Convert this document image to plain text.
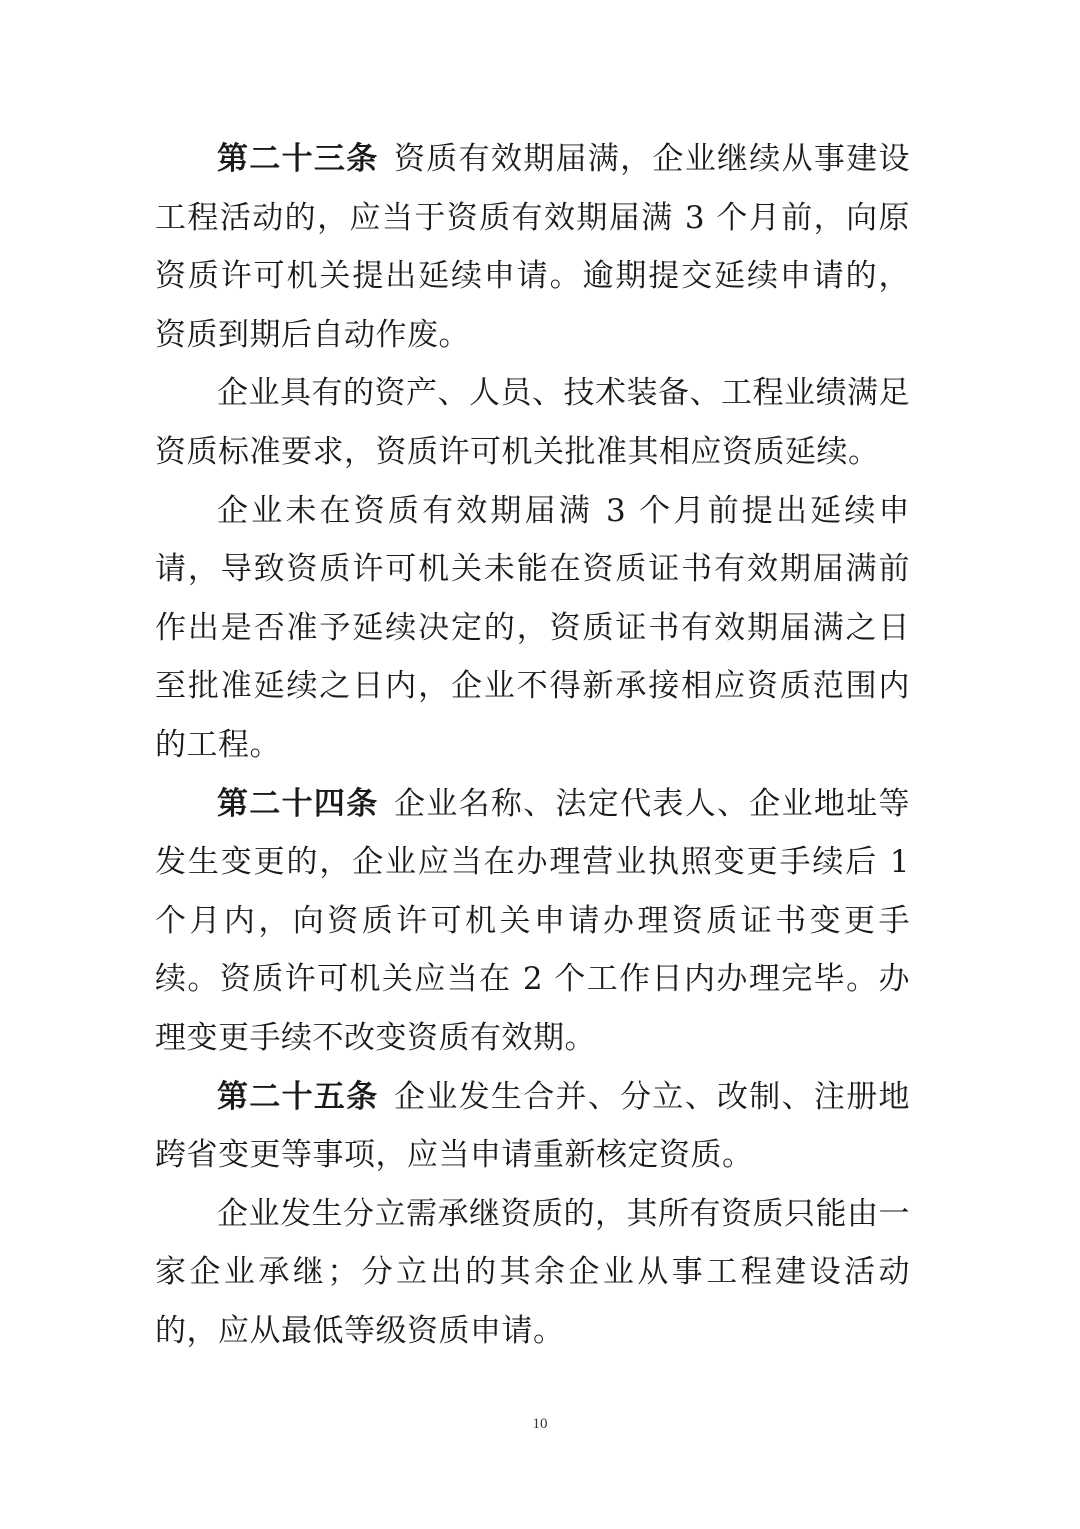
第二十三条 资质有效期届满，企业继续从事建设工程活动的，应当于资质有效期届满 3 个月前，向原资质许可机关提出延续申请。逾期提交延续申请的，资质到期后自动作废。

企业具有的资产、人员、技术装备、工程业绩满足资质标准要求，资质许可机关批准其相应资质延续。

企业未在资质有效期届满 3 个月前提出延续申请，导致资质许可机关未能在资质证书有效期届满前作出是否准予延续决定的，资质证书有效期届满之日至批准延续之日内，企业不得新承接相应资质范围内的工程。

第二十四条 企业名称、法定代表人、企业地址等发生变更的，企业应当在办理营业执照变更手续后 1 个月内，向资质许可机关申请办理资质证书变更手续。资质许可机关应当在 2 个工作日内办理完毕。办理变更手续不改变资质有效期。

第二十五条 企业发生合并、分立、改制、注册地跨省变更等事项，应当申请重新核定资质。

企业发生分立需承继资质的，其所有资质只能由一家企业承继；分立出的其余企业从事工程建设活动的，应从最低等级资质申请。

10
